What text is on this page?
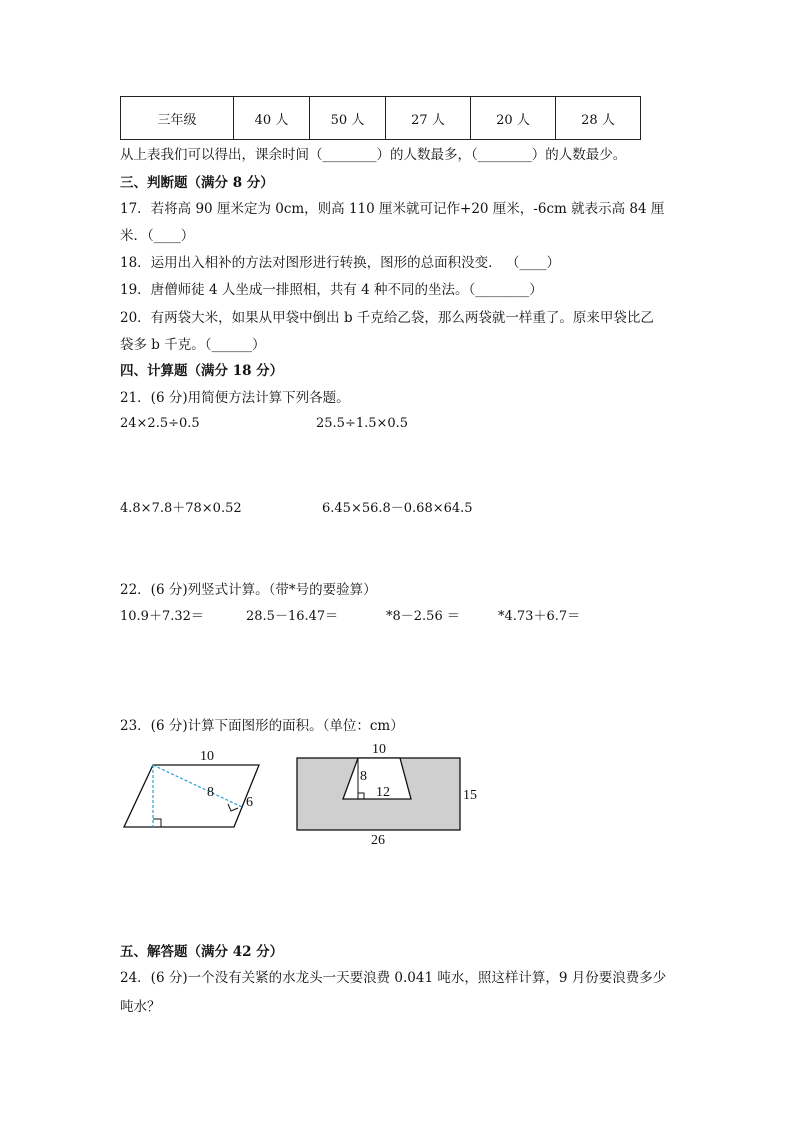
三年级	40 人	50 人	27 人	20 人	28 人
从上表我们可以得出，课余时间（________）的人数最多，（________）的人数最少。
三、判断题（满分 8 分）
17．若将高 90 厘米定为 0cm，则高 110 厘米就可记作+20 厘米，-6cm 就表示高 84 厘
米．（____）
18．运用出入相补的方法对图形进行转换，图形的总面积没变． （____）
19．唐僧师徒 4 人坐成一排照相，共有 4 种不同的坐法。（________）
20．有两袋大米，如果从甲袋中倒出 b 千克给乙袋，那么两袋就一样重了。原来甲袋比乙
袋多 b 千克。（______）
四、计算题（满分 18 分）
21．(6 分)用简便方法计算下列各题。
24×2.5÷0.5	25.5÷1.5×0.5
4.8×7.8＋78×0.52	6.45×56.8－0.68×64.5
22．(6 分)列竖式计算。（带*号的要验算）
10.9＋7.32＝	28.5－16.47＝	*8－2.56 ＝	*4.73＋6.7＝
23．(6 分)计算下面图形的面积。（单位：cm）
10
8
6
10
8
12	15
26
五、解答题（满分 42 分）
24．(6 分)一个没有关紧的水龙头一天要浪费 0.041 吨水，照这样计算，9 月份要浪费多少
吨水？
